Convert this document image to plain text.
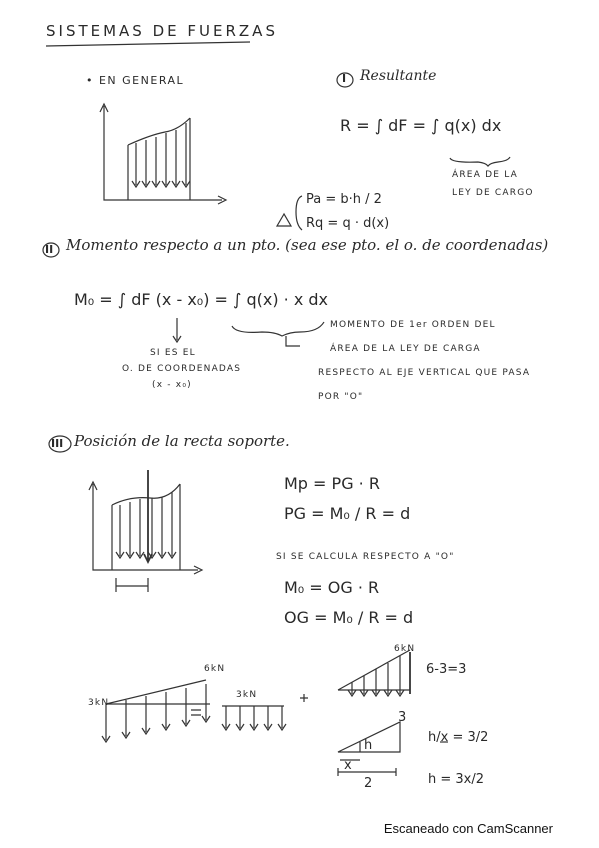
SISTEMAS DE FUERZAS
• EN GENERAL	I Resultante
R = ∫ dF = ∫ q(x) dx
ÁREA DE LA
LEY DE CARGO
Pa = b·h / 2
Rq = q · d(x)
II Momento respecto a un pto. (sea ese pto. el o. de coordenadas)
M₀ = ∫ dF (x - x₀) = ∫ q(x) · x dx
SI ES EL
O. DE COORDENADAS
(x - x₀)
MOMENTO DE 1er ORDEN DEL
ÁREA DE LA LEY DE CARGA
RESPECTO AL EJE VERTICAL QUE PASA
POR "O"
III Posición de la recta soporte.
Mp = PG · R
PG = M₀ / R = d
SI SE CALCULA RESPECTO A "O"
M₀ = OG · R
OG = M₀ / R = d
3kN
6kN
3kN
6kN
6-3=3
3
h
x
2
h/x = 3/2
h = 3x/2
Escaneado con CamScanner
